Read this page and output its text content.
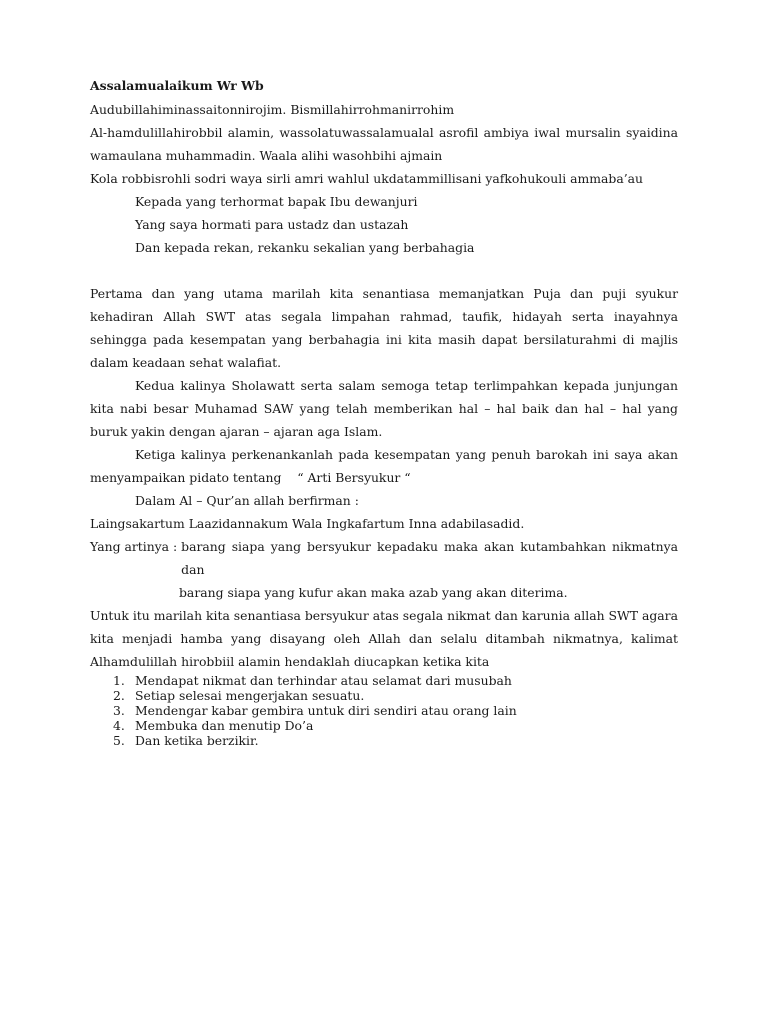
Assalamualaikum Wr Wb

Audubillahiminassaitonnirojim. Bismillahirrohmanirrohim

Al-hamdulillahirobbil alamin, wassolatuwassalamualal asrofil ambiya iwal mursalin syaidina wamaulana muhammadin. Waala alihi wasohbihi ajmain

Kola robbisrohli sodri waya sirli amri wahlul ukdatammillisani yafkohukouli ammaba’au

Kepada yang terhormat bapak Ibu dewanjuri

Yang saya hormati para ustadz dan ustazah

Dan kepada rekan, rekanku sekalian yang berbahagia

Pertama dan yang utama marilah kita senantiasa memanjatkan Puja dan puji syukur kehadiran Allah SWT atas segala limpahan rahmad, taufik, hidayah serta inayahnya sehingga pada kesempatan yang berbahagia ini kita masih dapat bersilaturahmi di majlis dalam keadaan sehat walafiat.

Kedua kalinya Sholawatt serta salam semoga tetap terlimpahkan kepada junjungan kita nabi besar Muhamad SAW yang telah memberikan hal – hal baik dan hal – hal yang buruk yakin dengan ajaran – ajaran aga Islam.

Ketiga kalinya perkenankanlah pada kesempatan yang penuh barokah ini saya akan menyampaikan pidato tentang    “ Arti Bersyukur “

Dalam Al – Qur’an allah berfirman :

Laingsakartum Laazidannakum Wala Ingkafartum Inna adabilasadid.

Yang artinya : barang siapa yang bersyukur kepadaku maka akan kutambahkan nikmatnya dan

barang siapa yang kufur akan maka azab yang akan diterima.

Untuk itu marilah kita senantiasa bersyukur atas segala nikmat dan karunia allah SWT agara kita menjadi hamba yang disayang oleh Allah dan selalu ditambah nikmatnya, kalimat Alhamdulillah hirobbiil alamin hendaklah diucapkan ketika kita

1. Mendapat nikmat dan terhindar atau selamat dari musubah
2. Setiap selesai mengerjakan sesuatu.
3. Mendengar kabar gembira untuk diri sendiri atau orang lain
4. Membuka dan menutip Do’a
5. Dan ketika berzikir.
